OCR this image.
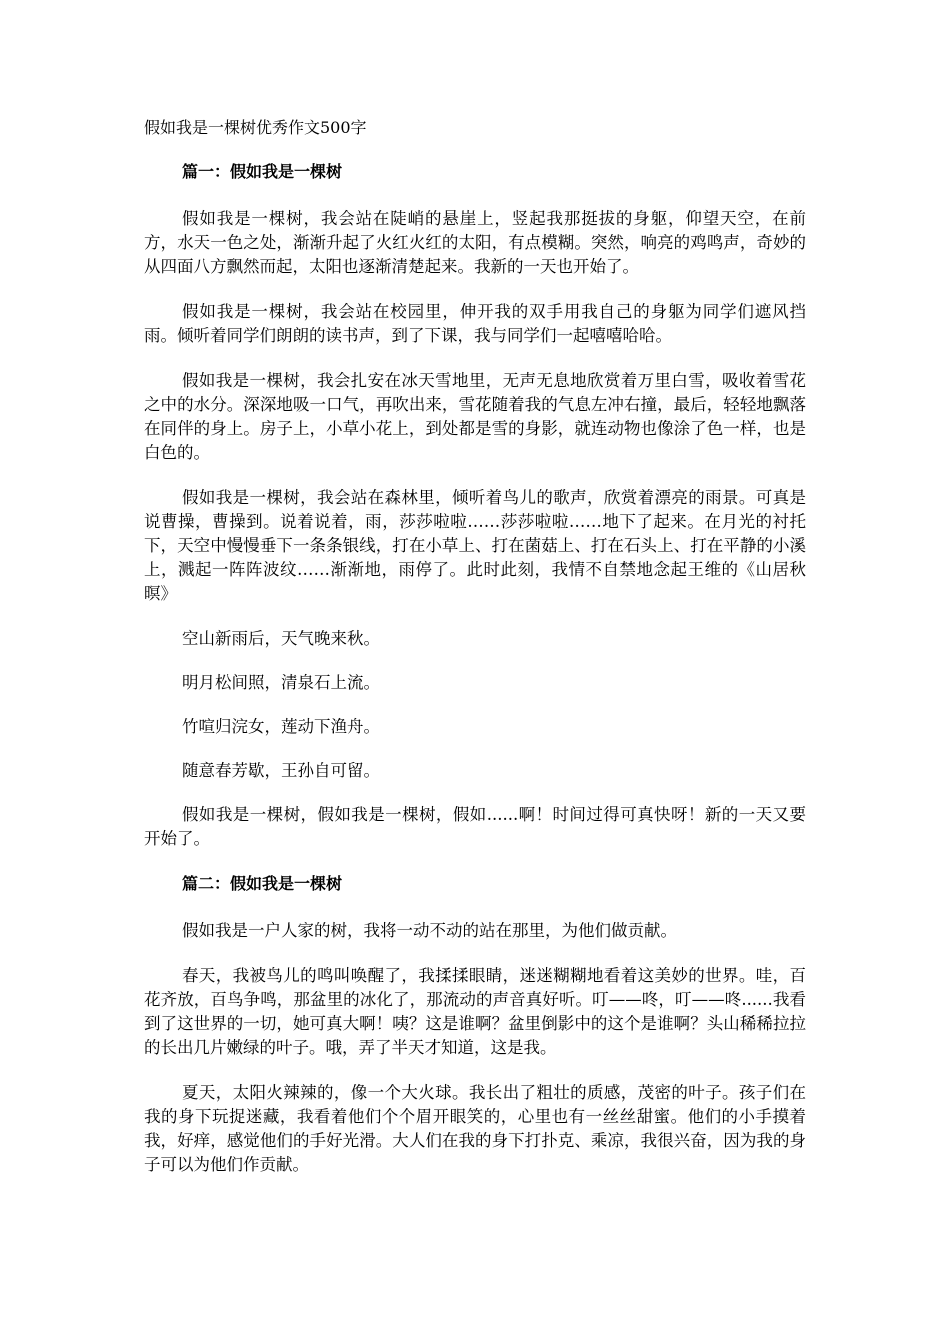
假如我是一棵树优秀作文500字
篇一：假如我是一棵树

假如我是一棵树，我会站在陡峭的悬崖上，竖起我那挺拔的身躯，仰望天空，在前方，水天一色之处，渐渐升起了火红火红的太阳，有点模糊。突然，响亮的鸡鸣声，奇妙的从四面八方飘然而起，太阳也逐渐清楚起来。我新的一天也开始了。

假如我是一棵树，我会站在校园里，伸开我的双手用我自己的身躯为同学们遮风挡雨。倾听着同学们朗朗的读书声，到了下课，我与同学们一起嘻嘻哈哈。

假如我是一棵树，我会扎安在冰天雪地里，无声无息地欣赏着万里白雪，吸收着雪花之中的水分。深深地吸一口气，再吹出来，雪花随着我的气息左冲右撞，最后，轻轻地飘落在同伴的身上。房子上，小草小花上，到处都是雪的身影，就连动物也像涂了色一样，也是白色的。

假如我是一棵树，我会站在森林里，倾听着鸟儿的歌声，欣赏着漂亮的雨景。可真是说曹操，曹操到。说着说着，雨，莎莎啦啦……莎莎啦啦……地下了起来。在月光的衬托下，天空中慢慢垂下一条条银线，打在小草上、打在菌菇上、打在石头上、打在平静的小溪上，溅起一阵阵波纹……渐渐地，雨停了。此时此刻，我情不自禁地念起王维的《山居秋暝》

空山新雨后，天气晚来秋。
明月松间照，清泉石上流。
竹喧归浣女，莲动下渔舟。
随意春芳歇，王孙自可留。

假如我是一棵树，假如我是一棵树，假如......啊！时间过得可真快呀！新的一天又要开始了。

篇二：假如我是一棵树

假如我是一户人家的树，我将一动不动的站在那里，为他们做贡献。

春天，我被鸟儿的鸣叫唤醒了，我揉揉眼睛，迷迷糊糊地看着这美妙的世界。哇，百花齐放，百鸟争鸣，那盆里的冰化了，那流动的声音真好听。叮——咚，叮——咚......我看到了这世界的一切，她可真大啊！咦？这是谁啊？盆里倒影中的这个是谁啊？头山稀稀拉拉的长出几片嫩绿的叶子。哦，弄了半天才知道，这是我。

夏天，太阳火辣辣的，像一个大火球。我长出了粗壮的质感，茂密的叶子。孩子们在我的身下玩捉迷藏，我看着他们个个眉开眼笑的，心里也有一丝丝甜蜜。他们的小手摸着我，好痒，感觉他们的手好光滑。大人们在我的身下打扑克、乘凉，我很兴奋，因为我的身子可以为他们作贡献。
